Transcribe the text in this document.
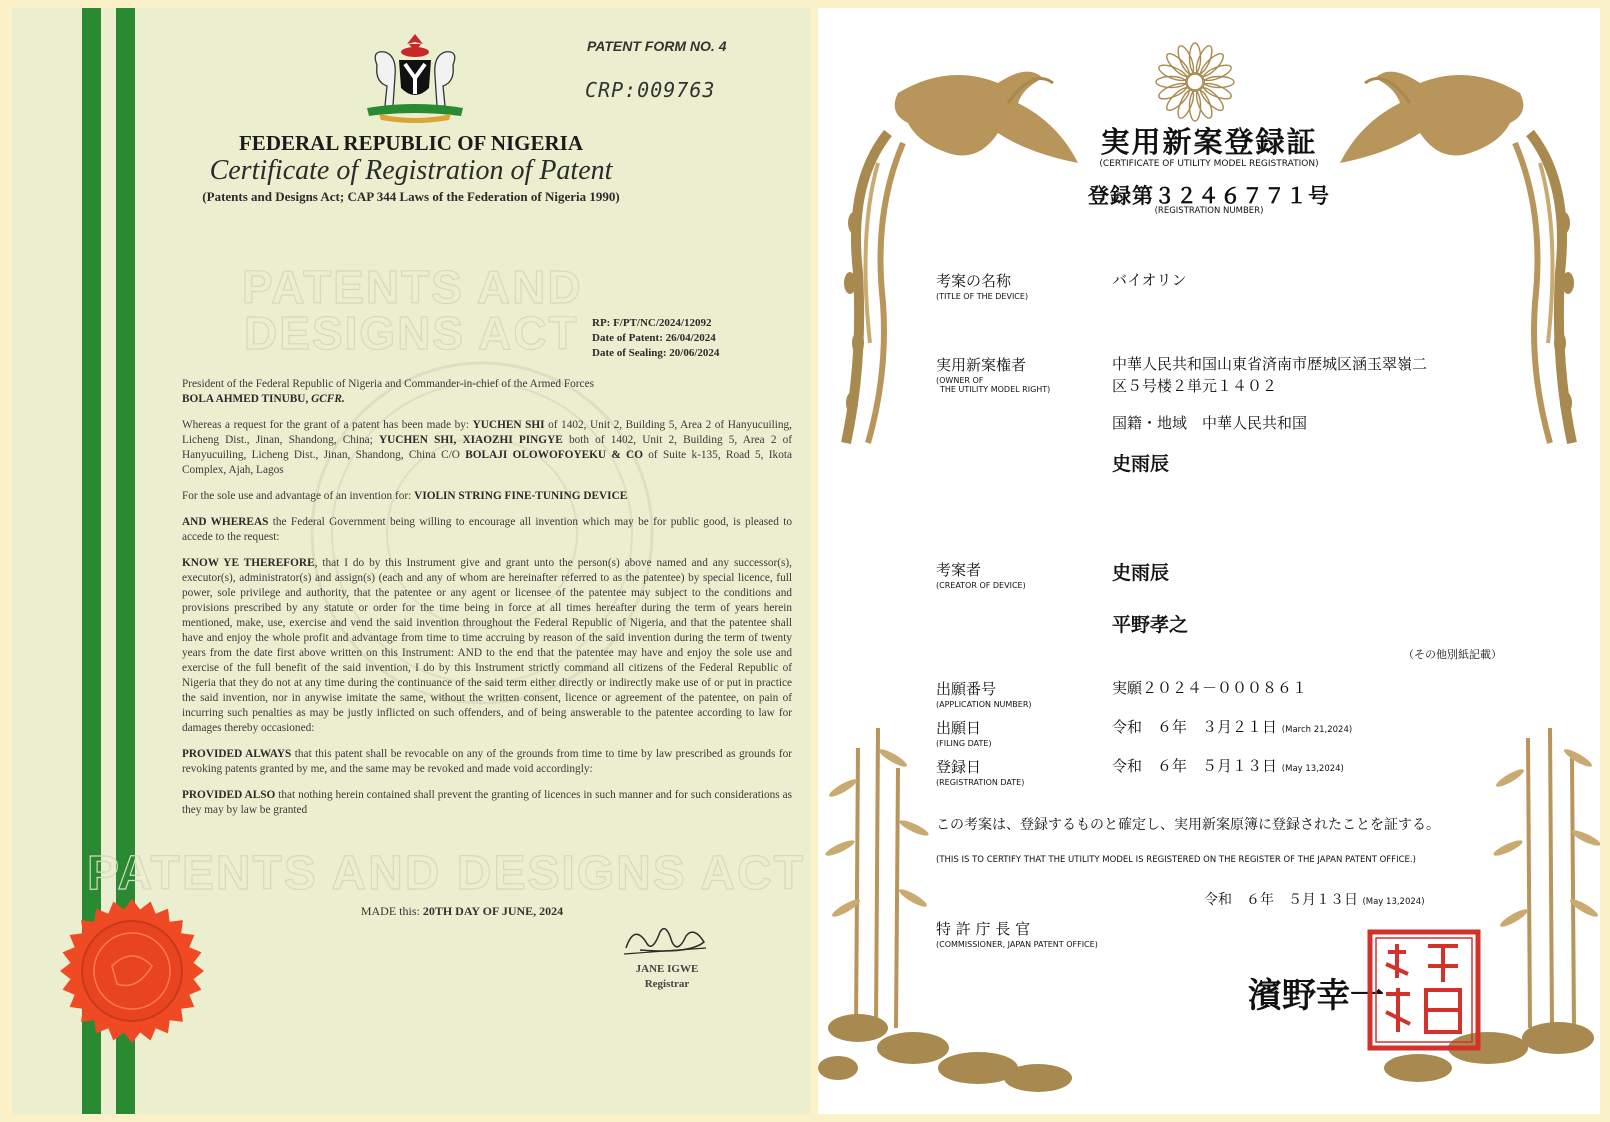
PATENTS AND
DESIGNS ACT
PATENTS AND DESIGNS ACT
PATENT FORM NO. 4
CRP:009763
FEDERAL REPUBLIC OF NIGERIA
Certificate of Registration of Patent
(Patents and Designs Act; CAP 344 Laws of the Federation of Nigeria 1990)
RP: F/PT/NC/2024/12092
Date of Patent: 26/04/2024
Date of Sealing: 20/06/2024

President of the Federal Republic of Nigeria and Commander-in-chief of the Armed Forces
BOLA AHMED TINUBU, GCFR.

Whereas a request for the grant of a patent has been made by: YUCHEN SHI of 1402, Unit 2, Building 5, Area 2 of Hanyucuiling, Licheng Dist., Jinan, Shandong, China; YUCHEN SHI, XIAOZHI PINGYE both of 1402, Unit 2, Building 5, Area 2 of Hanyucuiling, Licheng Dist., Jinan, Shandong, China C/O BOLAJI OLOWOFOYEKU & CO of Suite k-135, Road 5, Ikota Complex, Ajah, Lagos

For the sole use and advantage of an invention for: VIOLIN STRING FINE-TUNING DEVICE

AND WHEREAS the Federal Government being willing to encourage all invention which may be for public good, is pleased to accede to the request:

KNOW YE THEREFORE, that I do by this Instrument give and grant unto the person(s) above named and any successor(s), executor(s), administrator(s) and assign(s) (each and any of whom are hereinafter referred to as the patentee) by special licence, full power, sole privilege and authority, that the patentee or any agent or licensee of the patentee may subject to the conditions and provisions prescribed by any statute or order for the time being in force at all times hereafter during the term of years herein mentioned, make, use, exercise and vend the said invention throughout the Federal Republic of Nigeria, and that the patentee shall have and enjoy the whole profit and advantage from time to time accruing by reason of the said invention during the term of twenty years from the date first above written on this Instrument: AND to the end that the patentee may have and enjoy the sole use and exercise of the full benefit of the said invention, I do by this Instrument strictly command all citizens of the Federal Republic of Nigeria that they do not at any time during the continuance of the said term either directly or indirectly make use of or put in practice the said invention, nor in anywise imitate the same, without the written consent, licence or agreement of the patentee, on pain of incurring such penalties as may be justly inflicted on such offenders, and of being answerable to the patentee according to law for damages thereby occasioned:

PROVIDED ALWAYS that this patent shall be revocable on any of the grounds from time to time by law prescribed as grounds for revoking patents granted by me, and the same may be revoked and made void accordingly:

PROVIDED ALSO that nothing herein contained shall prevent the granting of licences in such manner and for such considerations as they may by law be granted

MADE this: 20TH DAY OF JUNE, 2024
JANE IGWE
Registrar
実用新案登録証
(CERTIFICATE OF UTILITY MODEL REGISTRATION)
登録第３２４６７７１号
(REGISTRATION NUMBER)
考案の名称
(TITLE OF THE DEVICE)
バイオリン
実用新案権者
(OWNER OF
THE UTILITY MODEL RIGHT)
中華人民共和国山東省済南市歴城区涵玉翠嶺二
区５号楼２単元１４０２
国籍・地域　中華人民共和国
史雨辰
考案者
(CREATOR OF DEVICE)
史雨辰
平野孝之
（その他別紙記載）
出願番号
(APPLICATION NUMBER)
実願２０２４－０００８６１
出願日
(FILING DATE)
令和　６年　３月２１日 (March 21,2024)
登録日
(REGISTRATION DATE)
令和　６年　５月１３日 (May 13,2024)
この考案は、登録するものと確定し、実用新案原簿に登録されたことを証する。
(THIS IS TO CERTIFY THAT THE UTILITY MODEL IS REGISTERED ON THE REGISTER OF THE JAPAN PATENT OFFICE.)
令和　６年　５月１３日 (May 13,2024)
特 許 庁 長 官
(COMMISSIONER, JAPAN PATENT OFFICE)
濱野幸一
